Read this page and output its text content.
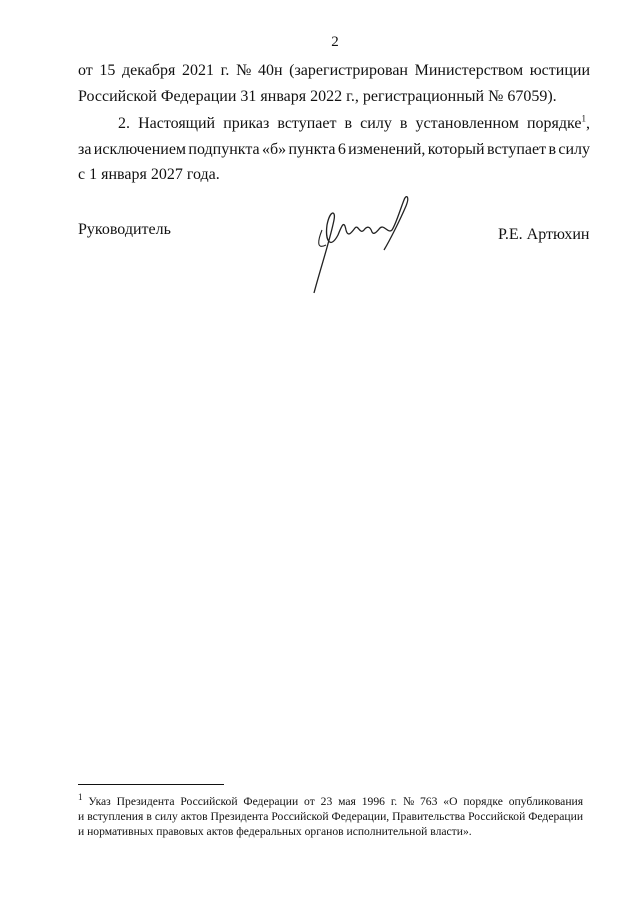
2
от 15 декабря 2021 г. № 40н (зарегистрирован Министерством юстиции
Российской Федерации 31 января 2022 г., регистрационный № 67059).
2. Настоящий приказ вступает в силу в установленном порядке$^1$,
за исключением подпункта «б» пункта 6 изменений, который вступает в силу
с 1 января 2027 года.
Руководитель	Р.Е. Артюхин
$^1$ Указ Президента Российской Федерации от 23 мая 1996 г. № 763 «О порядке опубликования
и вступления в силу актов Президента Российской Федерации, Правительства Российской Федерации
и нормативных правовых актов федеральных органов исполнительной власти».
